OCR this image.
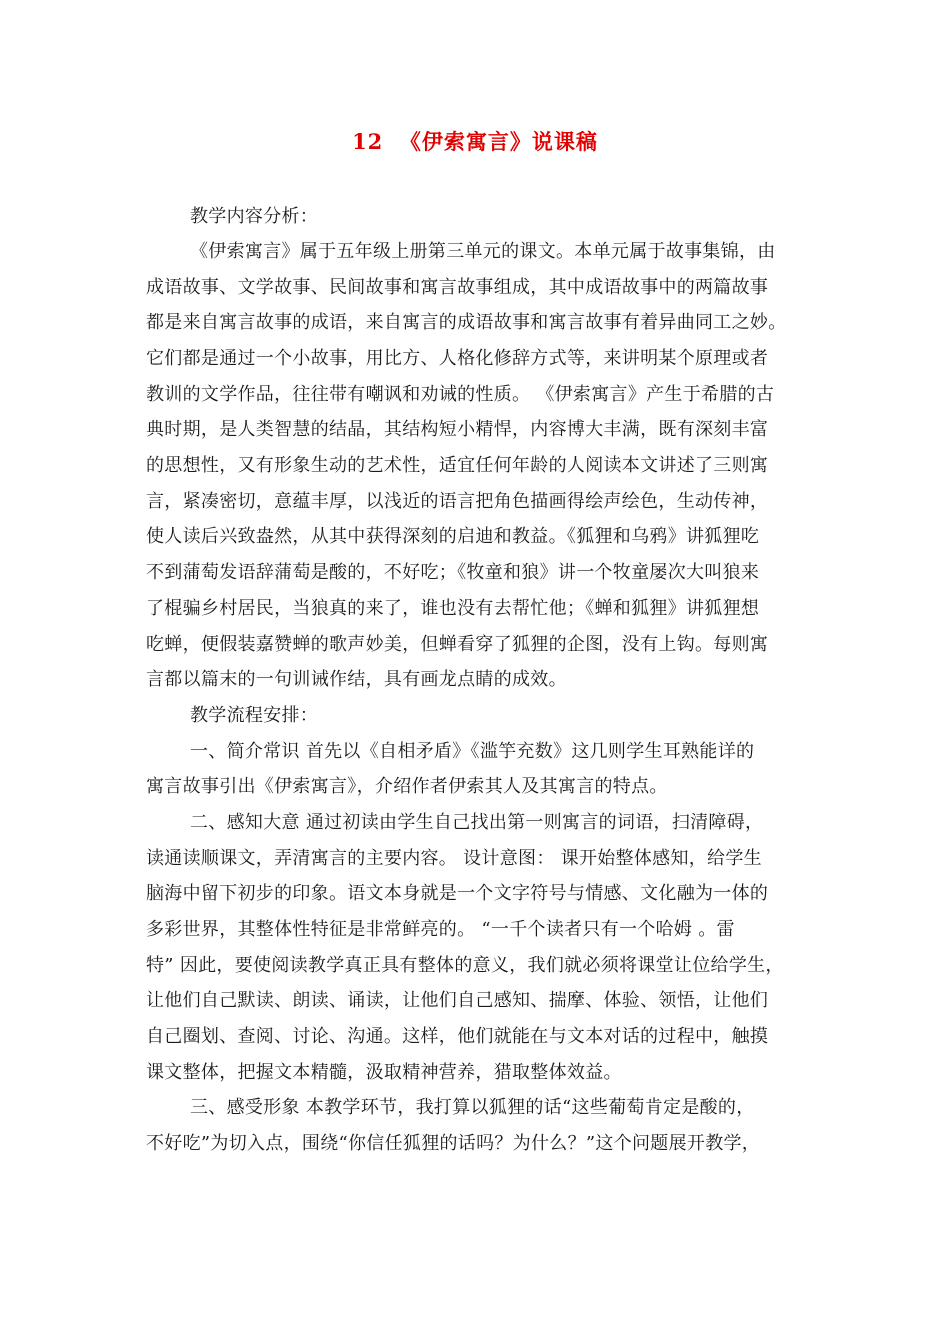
12  《伊索寓言》说课稿
教学内容分析：
《伊索寓言》属于五年级上册第三单元的课文。本单元属于故事集锦，由
成语故事、文学故事、民间故事和寓言故事组成，其中成语故事中的两篇故事
都是来自寓言故事的成语，来自寓言的成语故事和寓言故事有着异曲同工之妙。
它们都是通过一个小故事，用比方、人格化修辞方式等，来讲明某个原理或者
教训的文学作品，往往带有嘲讽和劝诫的性质。 《伊索寓言》产生于希腊的古
典时期，是人类智慧的结晶，其结构短小精悍，内容博大丰满，既有深刻丰富
的思想性，又有形象生动的艺术性，适宜任何年龄的人阅读本文讲述了三则寓
言，紧凑密切，意蕴丰厚，以浅近的语言把角色描画得绘声绘色，生动传神，
使人读后兴致盎然，从其中获得深刻的启迪和教益。《狐狸和乌鸦》讲狐狸吃
不到蒲萄发语辞蒲萄是酸的，不好吃；《牧童和狼》讲一个牧童屡次大叫狼来
了棍骗乡村居民，当狼真的来了，谁也没有去帮忙他；《蝉和狐狸》讲狐狸想
吃蝉，便假装嘉赞蝉的歌声妙美，但蝉看穿了狐狸的企图，没有上钩。每则寓
言都以篇末的一句训诫作结，具有画龙点睛的成效。
教学流程安排：
一、简介常识 首先以《自相矛盾》《滥竽充数》这几则学生耳熟能详的
寓言故事引出《伊索寓言》，介绍作者伊索其人及其寓言的特点。
二、感知大意 通过初读由学生自己找出第一则寓言的词语，扫清障碍，
读通读顺课文，弄清寓言的主要内容。 设计意图： 课开始整体感知，给学生
脑海中留下初步的印象。语文本身就是一个文字符号与情感、文化融为一体的
多彩世界，其整体性特征是非常鲜亮的。 “一千个读者只有一个哈姆 。雷
特” 因此，要使阅读教学真正具有整体的意义，我们就必须将课堂让位给学生，
让他们自己默读、朗读、诵读，让他们自己感知、揣摩、体验、领悟，让他们
自己圈划、查阅、讨论、沟通。这样，他们就能在与文本对话的过程中，触摸
课文整体，把握文本精髓，汲取精神营养，猎取整体效益。
三、感受形象 本教学环节，我打算以狐狸的话“这些葡萄肯定是酸的，
不好吃”为切入点，围绕“你信任狐狸的话吗？为什么？”这个问题展开教学，
